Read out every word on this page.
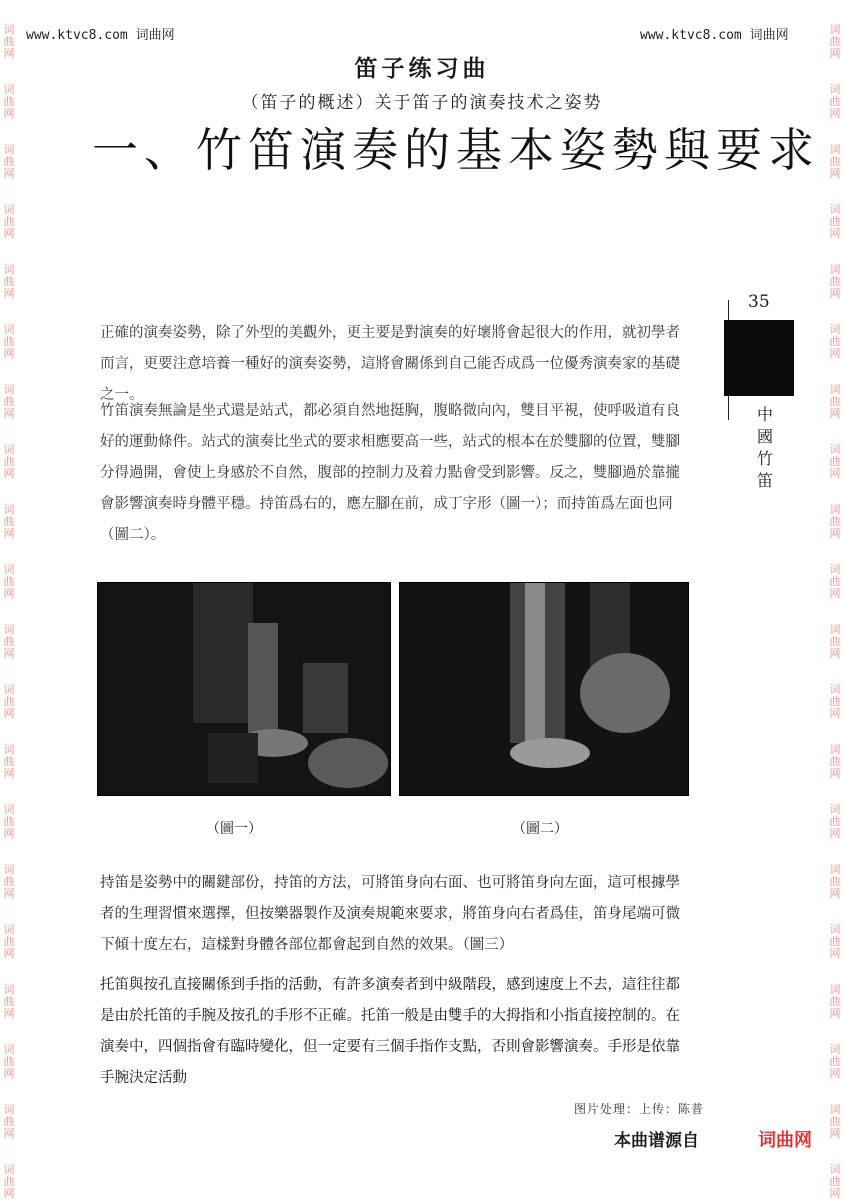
词
曲
网
词
曲
网
词
曲
网
词
曲
网
词
曲
网
词
曲
网
词
曲
网
词
曲
网
词
曲
网
词
曲
网
词
曲
网
词
曲
网
词
曲
网
词
曲
网
词
曲
网
词
曲
网
词
曲
网
词
曲
网
词
曲
网
词
曲
网
词
曲
网
词
曲
网
词
曲
网
词
曲
网
词
曲
网
词
曲
网
词
曲
网
词
曲
网
词
曲
网
词
曲
网
词
曲
网
词
曲
网
词
曲
网
词
曲
网
词
曲
网
词
曲
网
词
曲
网
词
曲
网
词
曲
网
词
曲
网
www.ktvc8.com 词曲网	www.ktvc8.com 词曲网
笛子练习曲
（笛子的概述）关于笛子的演奏技术之姿势
一、竹笛演奏的基本姿勢與要求
35
中國竹笛
正確的演奏姿勢，除了外型的美觀外，更主要是對演奏的好壞將會起很大的作用，就初學者而言，更要注意培養一種好的演奏姿勢，這將會關係到自己能否成爲一位優秀演奏家的基礎之一。
竹笛演奏無論是坐式還是站式，都必須自然地挺胸，腹略微向內，雙目平視，使呼吸道有良好的運動條件。站式的演奏比坐式的要求相應要高一些，站式的根本在於雙腳的位置，雙腳分得過開，會使上身感於不自然，腹部的控制力及着力點會受到影響。反之，雙腳過於靠攏會影響演奏時身體平穩。持笛爲右的，應左腳在前，成丁字形（圖一）；而持笛爲左面也同（圖二）。
（圖一）	（圖二）
持笛是姿勢中的關鍵部份，持笛的方法，可將笛身向右面、也可將笛身向左面，這可根據學者的生理習慣來選擇，但按樂器製作及演奏規範來要求，將笛身向右者爲佳，笛身尾端可微下傾十度左右，這樣對身體各部位都會起到自然的效果。（圖三）
托笛與按孔直接關係到手指的活動，有許多演奏者到中級階段，感到速度上不去，這往往都是由於托笛的手腕及按孔的手形不正確。托笛一般是由雙手的大拇指和小指直接控制的。在演奏中，四個指會有臨時變化，但一定要有三個手指作支點，否則會影響演奏。手形是依靠手腕決定活動
图片处理：上传：陈普
本曲谱源自	词曲网
